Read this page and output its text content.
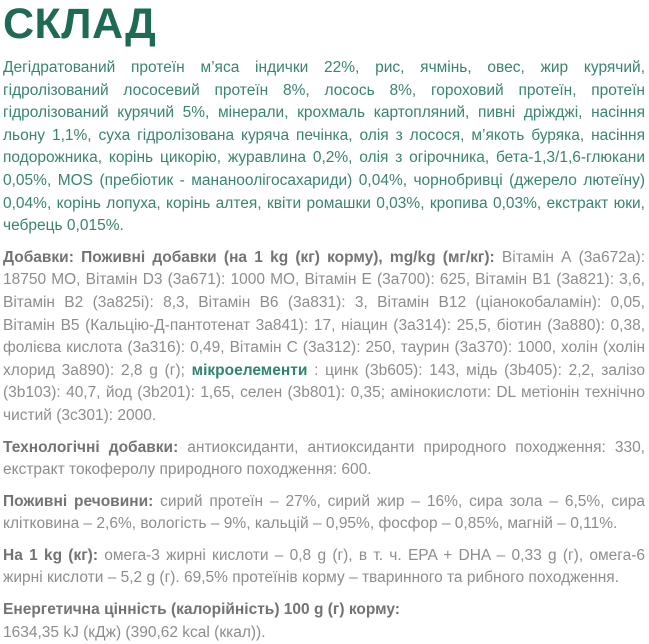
СКЛАД

Дегідратований протеїн м’яса індички 22%, рис, ячмінь, овес, жир курячий, гідролізований лососевий протеїн 8%, лосось 8%, гороховий протеїн, протеїн гідролізований курячий 5%, мінерали, крохмаль картопляний, пивні дріжджі, насіння льону 1,1%, суха гідролізована куряча печінка, олія з лосося, м’якоть буряка, насіння подорожника, корінь цикорію, журавлина 0,2%, олія з огірочника, бета-1,3/1,6-глюкани 0,05%, MOS (пребіотик - мананоолігосахариди) 0,04%, чорнобривці (джерело лютеїну) 0,04%, корінь лопуха, корінь алтея, квіти ромашки 0,03%, кропива 0,03%, екстракт юки, чебрець 0,015%.

Добавки: Поживні добавки (на 1 kg (кг) корму), mg/kg (мг/кг): Вітамін А (3a672a): 18750 МО, Вітамін D3 (3a671): 1000 МО, Вітамін Е (3a700): 625, Вітамін В1 (3a821): 3,6, Вітамін В2 (3a825i): 8,3, Вітамін В6 (3a831): 3, Вітамін В12 (ціанокобаламін): 0,05, Вітамін В5 (Кальцію-Д-пантотенат 3a841): 17, ніацин (3a314): 25,5, біотин (3a880): 0,38, фолієва кислота (3a316): 0,49, Вітамін С (3a312): 250, таурин (3a370): 1000, холін (холін хлорид 3a890): 2,8 g (г); мікроелементи : цинк (3b605): 143, мідь (3b405): 2,2, залізо (3b103): 40,7, йод (3b201): 1,65, селен (3b801): 0,35; амінокислоти: DL метіонін технічно чистий (3c301): 2000.

Технологічні добавки: антиоксиданти, антиоксиданти природного походження: 330, екстракт токоферолу природного походження: 600.

Поживні речовини: сирий протеїн – 27%, сирий жир – 16%, сира зола – 6,5%, сира клітковина – 2,6%, вологість – 9%, кальцій – 0,95%, фосфор – 0,85%, магній – 0,11%.

На 1 kg (кг): омега-3 жирні кислоти – 0,8 g (г), в т. ч. EPA + DHA – 0,33 g (г), омега-6 жирні кислоти – 5,2 g (г). 69,5% протеїнів корму – тваринного та рибного походження.

Енергетична цінність (калорійність) 100 g (г) корму:
1634,35 kJ (кДж) (390,62 kcal (ккал)).
